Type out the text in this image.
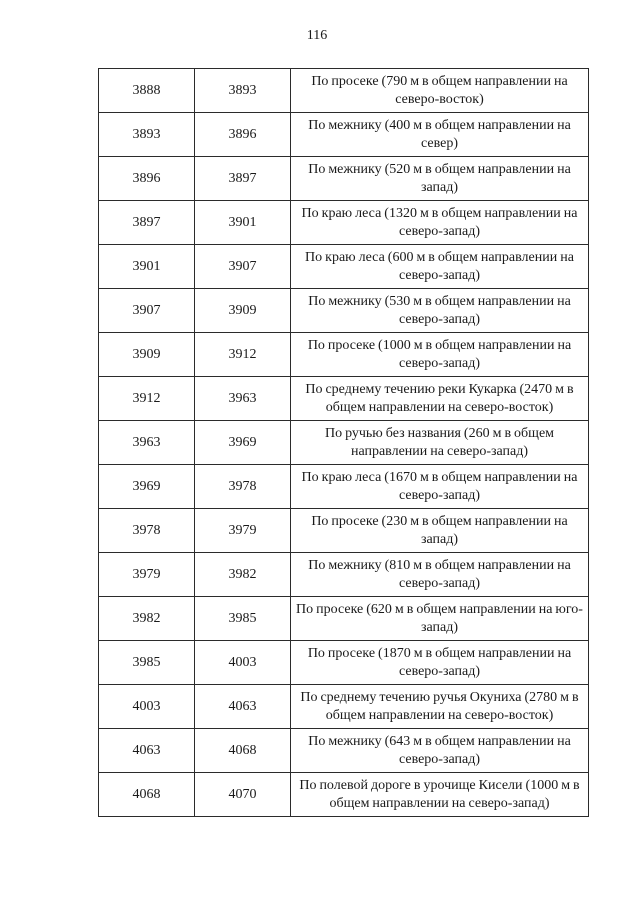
116
3888	3893	По просеке (790 м в общем направлении на северо-восток)
3893	3896	По межнику (400 м в общем направлении на север)
3896	3897	По межнику (520 м в общем направлении на запад)
3897	3901	По краю леса (1320 м в общем направлении на северо-запад)
3901	3907	По краю леса (600 м в общем направлении на северо-запад)
3907	3909	По межнику (530 м в общем направлении на северо-запад)
3909	3912	По просеке (1000 м в общем направлении на северо-запад)
3912	3963	По среднему течению реки Кукарка (2470 м в общем направлении на северо-восток)
3963	3969	По ручью без названия (260 м в общем направлении на северо-запад)
3969	3978	По краю леса (1670 м в общем направлении на северо-запад)
3978	3979	По просеке (230 м в общем направлении на запад)
3979	3982	По межнику (810 м в общем направлении на северо-запад)
3982	3985	По просеке (620 м в общем направлении на юго-запад)
3985	4003	По просеке (1870 м в общем направлении на северо-запад)
4003	4063	По среднему течению ручья Окуниха (2780 м в общем направлении на северо-восток)
4063	4068	По межнику (643 м в общем направлении на северо-запад)
4068	4070	По полевой дороге в урочище Кисели (1000 м в общем направлении на северо-запад)
